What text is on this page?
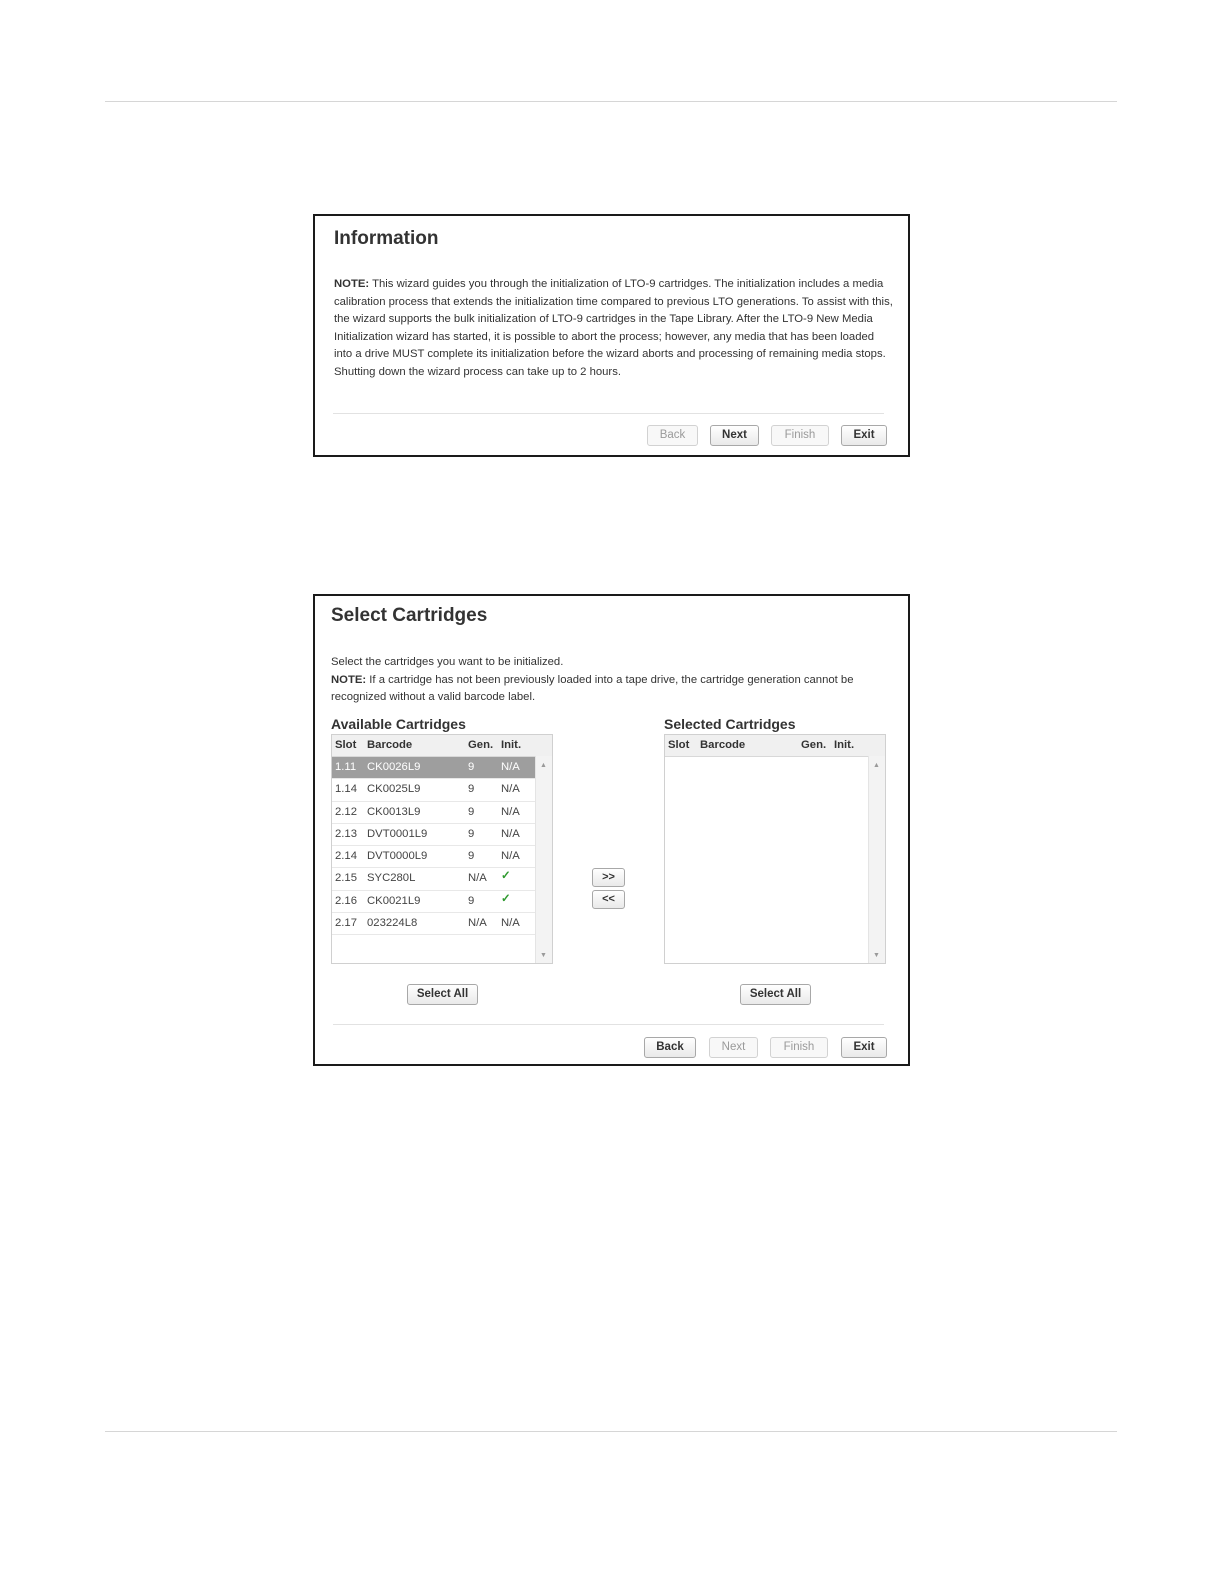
Information

NOTE: This wizard guides you through the initialization of LTO-9 cartridges. The initialization includes a media calibration process that extends the initialization time compared to previous LTO generations. To assist with this, the wizard supports the bulk initialization of LTO-9 cartridges in the Tape Library. After the LTO-9 New Media Initialization wizard has started, it is possible to abort the process; however, any media that has been loaded into a drive MUST complete its initialization before the wizard aborts and processing of remaining media stops. Shutting down the wizard process can take up to 2 hours.

Back	Next	Finish	Exit
Select Cartridges

Select the cartridges you want to be initialized.
NOTE: If a cartridge has not been previously loaded into a tape drive, the cartridge generation cannot be recognized without a valid barcode label.

Available Cartridges	Selected Cartridges
Slot Barcode	Gen. Init.
1.11 CK0026L9	9 N/A
1.14 CK0025L9	9 N/A
2.12 CK0013L9	9 N/A
2.13 DVT0001L9	9 N/A
2.14 DVT0000L9	9 N/A
2.15 SYC280L	N/A ✓
2.16 CK0021L9	9 ✓
2.17 023224L8	N/A N/A
▲
▼
>>
<<
Slot Barcode	Gen. Init.
▲
▼
Select All	Select All
Back	Next	Finish	Exit
